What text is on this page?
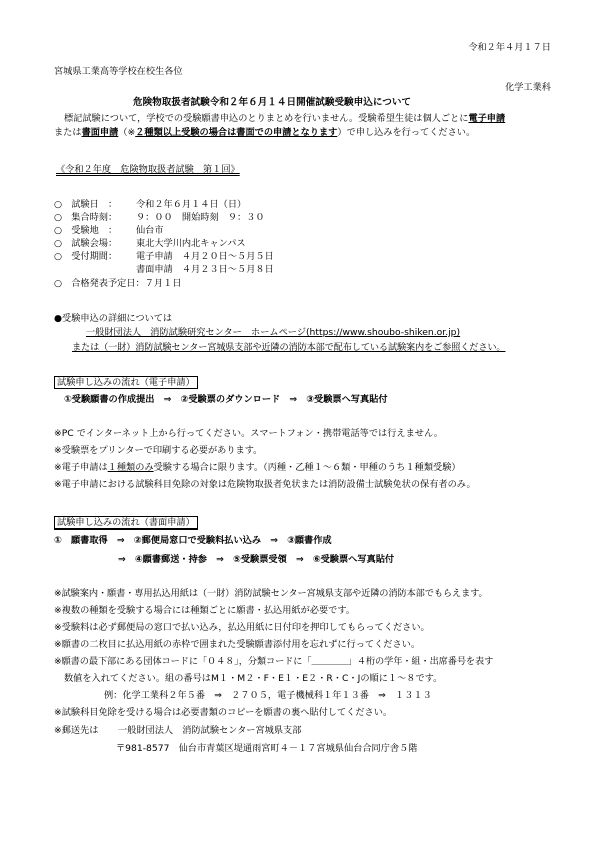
令和２年４月１７日
宮城県工業高等学校在校生各位
化学工業科
危険物取扱者試験令和２年６月１４日開催試験受験申込について
標記試験について，学校での受験願書申込のとりまとめを行いません。受験希望生徒は個人ごとに電子申請
または書面申請（※２種類以上受験の場合は書面での申請となります）で申し込みを行ってください。
《令和２年度　危険物取扱者試験　第１回》
○　 試験日　： 令和２年６月１４日（日）
○　 集合時刻： ９：００　開始時刻　９：３０
○　 受験地　： 仙台市
○　 試験会場： 東北大学川内北キャンパス
○　 受付期間： 電子申請　４月２０日～５月５日
書面申請　４月２３日～５月８日
○　 合格発表予定日：７月１日
●受験申込の詳細については
一般財団法人　消防試験研究センター　ホームページ(https://www.shoubo-shiken.or.jp)
または（一財）消防試験センター宮城県支部や近隣の消防本部で配布している試験案内をご参照ください。
試験申し込みの流れ（電子申請）
①受験願書の作成提出　⇒　②受験票のダウンロード　⇒　③受験票へ写真貼付
※PC でインターネット上から行ってください。スマートフォン・携帯電話等では行えません。
※受験票をプリンターで印刷する必要があります。
※電子申請は１種類のみ受験する場合に限ります。（丙種・乙種１～６類・甲種のうち１種類受験）
※電子申請における試験科目免除の対象は危険物取扱者免状または消防設備士試験免状の保有者のみ。
試験申し込みの流れ（書面申請）
①　願書取得　⇒　②郵便局窓口で受験料払い込み　⇒　③願書作成
⇒　④願書郵送・持参　⇒　⑤受験票受領　⇒　⑥受験票へ写真貼付
※試験案内・願書・専用払込用紙は（一財）消防試験センター宮城県支部や近隣の消防本部でもらえます。
※複数の種類を受験する場合には種類ごとに願書・払込用紙が必要です。
※受験料は必ず郵便局の窓口で払い込み，払込用紙に日付印を押印してもらってください。
※願書の二枚目に払込用紙の赤枠で囲まれた受験願書添付用を忘れずに行ってください。
※願書の最下部にある団体コードに「０４８」，分類コードに「＿＿＿＿」４桁の学年・組・出席番号を表す
数値を入れてください。組の番号はM１・M２・F・E１・E２・R・C・Jの順に１～８です。
例：化学工業科２年５番　⇒　２７０５，電子機械科１年１３番　⇒　１３１３
※試験科目免除を受ける場合は必要書類のコピーを願書の裏へ貼付してください。
※郵送先は 一般財団法人　消防試験センター宮城県支部
〒981-8577　仙台市青葉区堤通雨宮町４－１７宮城県仙台合同庁舎５階
